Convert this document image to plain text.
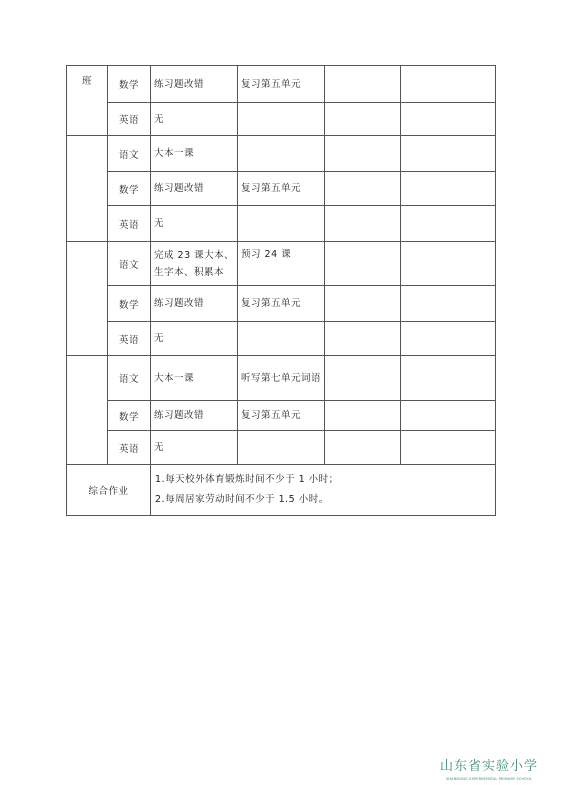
班	数学	练习题改错	复习第五单元		
	英语	无			

	语文	大本一课			
	数学	练习题改错	复习第五单元		
	英语	无			

	语文	完成 23 课大本、生字本、积累本	预习 24 课		
	数学	练习题改错	复习第五单元		
	英语	无			
	语文	大本一课	听写第七单元词语		
	数学	练习题改错	复习第五单元		
	英语	无			
综合作业		1.每天校外体育锻炼时间不少于 1 小时；
2.每周居家劳动时间不少于 1.5 小时。			
山东省实验小学
SHANDONG EXPERIMENTAL PRIMARY SCHOOL
